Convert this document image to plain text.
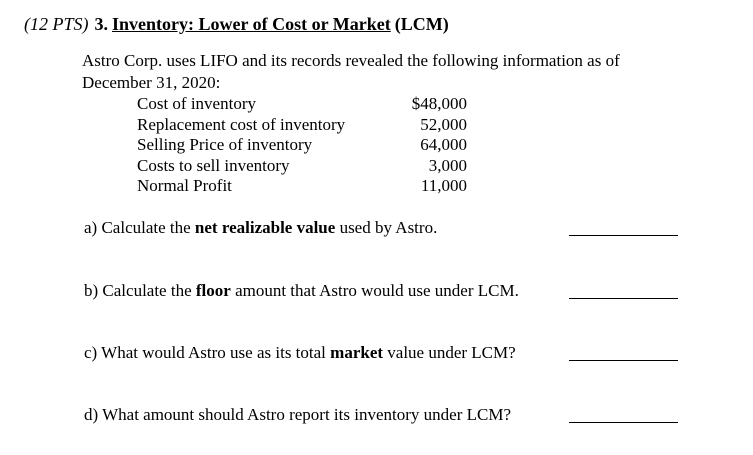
(12 PTS) 3. Inventory: Lower of Cost or Market (LCM)
Astro Corp. uses LIFO and its records revealed the following information as of December 31, 2020:
Cost of inventory	$48,000
Replacement cost of inventory	52,000
Selling Price of inventory	64,000
Costs to sell inventory	3,000
Normal Profit	11,000
a) Calculate the net realizable value used by Astro.
b) Calculate the floor amount that Astro would use under LCM.
c) What would Astro use as its total market value under LCM?
d) What amount should Astro report its inventory under LCM?
